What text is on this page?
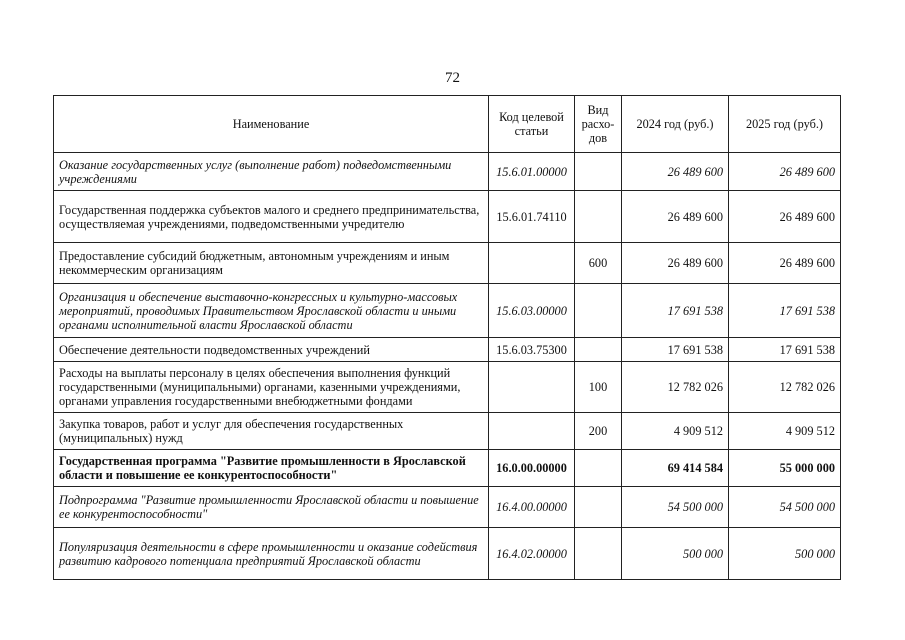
72
Наименование	Код целевой статьи	Вид расхо-дов	2024 год (руб.)	2025 год (руб.)
Оказание государственных услуг (выполнение работ) подведомственными учреждениями	15.6.01.00000		26 489 600	26 489 600
Государственная поддержка субъектов малого и среднего предпринимательства, осуществляемая учреждениями, подведомственными учредителю	15.6.01.74110		26 489 600	26 489 600
Предоставление субсидий бюджетным, автономным учреждениям и иным некоммерческим организациям		600	26 489 600	26 489 600
Организация и обеспечение выставочно-конгрессных и культурно-массовых мероприятий, проводимых Правительством Ярославской области и иными органами исполнительной власти Ярославской области	15.6.03.00000		17 691 538	17 691 538
Обеспечение деятельности подведомственных учреждений	15.6.03.75300		17 691 538	17 691 538
Расходы на выплаты персоналу в целях обеспечения выполнения функций государственными (муниципальными) органами, казенными учреждениями, органами управления государственными внебюджетными фондами		100	12 782 026	12 782 026
Закупка товаров, работ и услуг для обеспечения государственных (муниципальных) нужд		200	4 909 512	4 909 512
Государственная программа "Развитие промышленности в Ярославской области и повышение ее конкурентоспособности"	16.0.00.00000		69 414 584	55 000 000
Подпрограмма "Развитие промышленности Ярославской области и повышение ее конкурентоспособности"	16.4.00.00000		54 500 000	54 500 000
Популяризация деятельности в сфере промышленности и оказание содействия развитию кадрового потенциала предприятий Ярославской области	16.4.02.00000		500 000	500 000
